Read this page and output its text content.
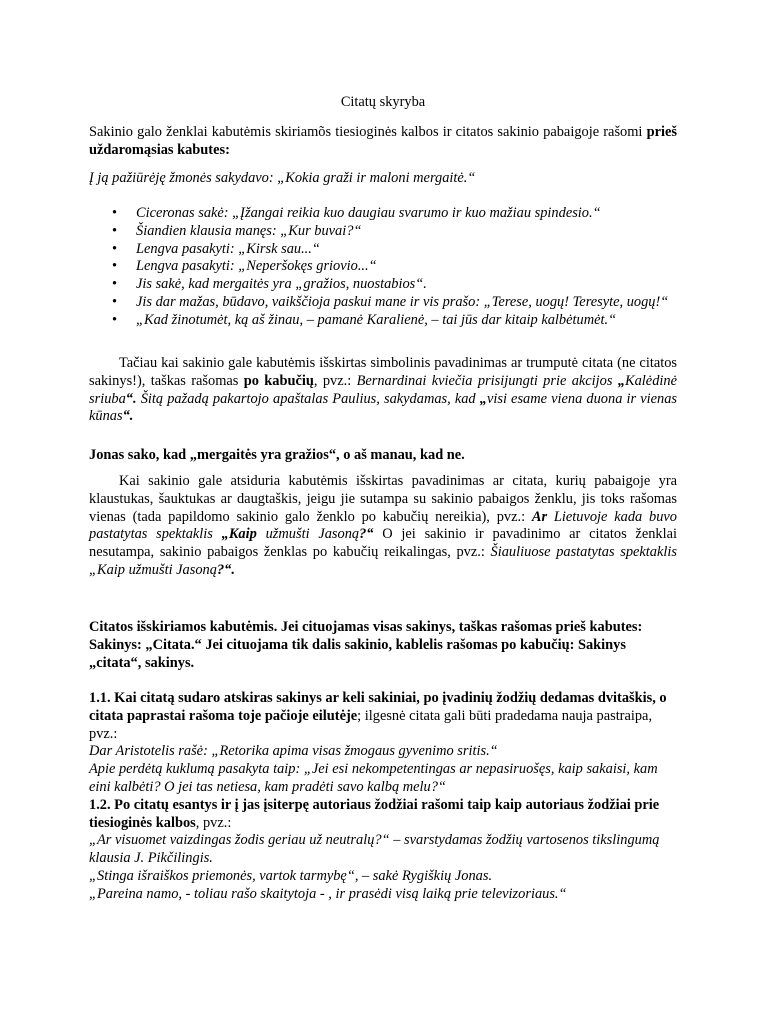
Citatų skyryba

Sakinio galo ženklai kabutėmis skiriamõs tiesioginės kalbos ir citatos sakinio pabaigoje rašomi prieš uždaromąsias kabutes:

Į ją pažiūrėję žmonės sakydavo: „Kokia graži ir maloni mergaitė.“

• Ciceronas sakė: „Įžangai reikia kuo daugiau svarumo ir kuo mažiau spindesio.“
• Šiandien klausia manęs: „Kur buvai?“
• Lengva pasakyti: „Kirsk sau...“
• Lengva pasakyti: „Neperšokęs griovio...“
• Jis sakė, kad mergaitės yra „gražios, nuostabios“.
• Jis dar mažas, būdavo, vaikščioja paskui mane ir vis prašo: „Terese, uogų! Teresyte, uogų!“
• „Kad žinotumėt, ką aš žinau, – pamanė Karalienė, – tai jūs dar kitaip kalbėtumėt.“

Tačiau kai sakinio gale kabutėmis išskirtas simbolinis pavadinimas ar trumputė citata (ne citatos sakinys!), taškas rašomas po kabučių, pvz.: Bernardinai kviečia prisijungti prie akcijos „Kalėdinė sriuba“. Šitą pažadą pakartojo apaštalas Paulius, sakydamas, kad „visi esame viena duona ir vienas kūnas“.

Jonas sako, kad „mergaitės yra gražios“, o aš manau, kad ne.

Kai sakinio gale atsiduria kabutėmis išskirtas pavadinimas ar citata, kurių pabaigoje yra klaustukas, šauktukas ar daugtaškis, jeigu jie sutampa su sakinio pabaigos ženklu, jis toks rašomas vienas (tada papildomo sakinio galo ženklo po kabučių nereikia), pvz.: Ar Lietuvoje kada buvo pastatytas spektaklis „Kaip užmušti Jasoną?“ O jei sakinio ir pavadinimo ar citatos ženklai nesutampa, sakinio pabaigos ženklas po kabučių reikalingas, pvz.: Šiauliuose pastatytas spektaklis „Kaip užmušti Jasoną?“.

Citatos išskiriamos kabutėmis. Jei cituojamas visas sakinys, taškas rašomas prieš kabutes: Sakinys: „Citata.“ Jei cituojama tik dalis sakinio, kablelis rašomas po kabučių: Sakinys „citata“, sakinys.

1.1. Kai citatą sudaro atskiras sakinys ar keli sakiniai, po įvadinių žodžių dedamas dvitaškis, o citata paprastai rašoma toje pačioje eilutėje; ilgesnė citata gali būti pradedama nauja pastraipa, pvz.:

Dar Aristotelis rašė: „Retorika apima visas žmogaus gyvenimo sritis.“

Apie perdėtą kuklumą pasakyta taip: „Jei esi nekompetentingas ar nepasiruošęs, kaip sakaisi, kam eini kalbėti? O jei tas netiesa, kam pradėti savo kalbą melu?“

1.2. Po citatų esantys ir į jas įsiterpę autoriaus žodžiai rašomi taip kaip autoriaus žodžiai prie tiesioginės kalbos, pvz.:

„Ar visuomet vaizdingas žodis geriau už neutralų?“ – svarstydamas žodžių vartosenos tikslingumą klausia J. Pikčilingis.

„Stinga išraiškos priemonės, vartok tarmybę“, – sakė Rygiškių Jonas.

„Pareina namo, - toliau rašo skaitytoja - , ir prasėdi visą laiką prie televizoriaus.“
